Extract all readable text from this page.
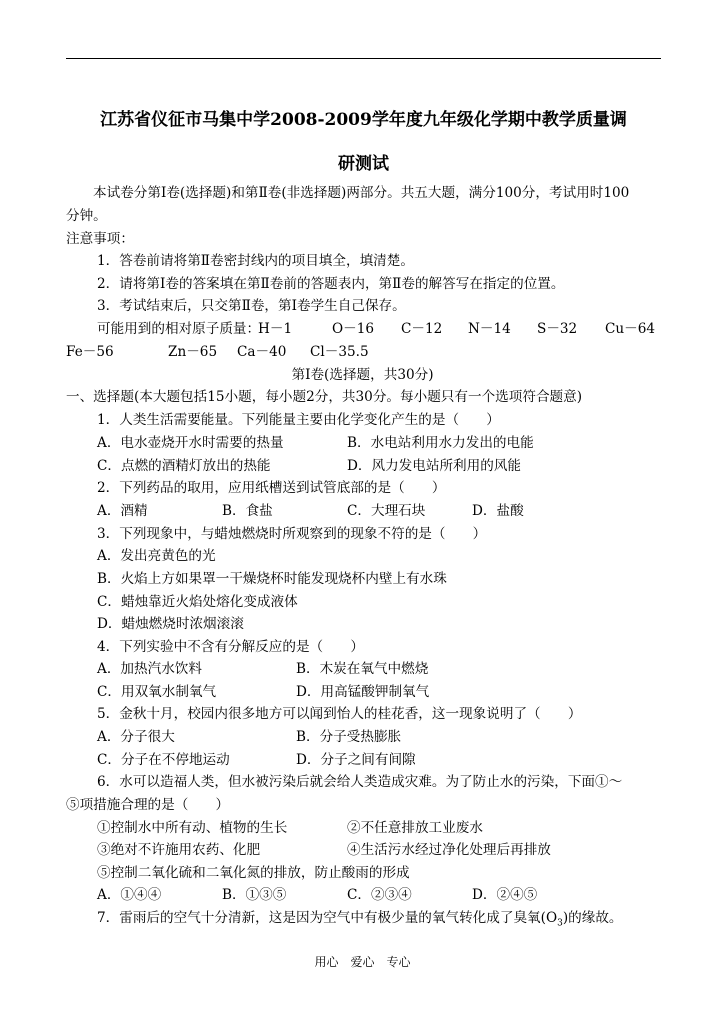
江苏省仪征市马集中学2008-2009学年度九年级化学期中教学质量调
研测试
本试卷分第Ⅰ卷(选择题)和第Ⅱ卷(非选择题)两部分。共五大题，满分100分，考试用时100
分钟。
注意事项：
1．答卷前请将第Ⅱ卷密封线内的项目填全，填清楚。
2．请将第Ⅰ卷的答案填在第Ⅱ卷前的答题表内，第Ⅱ卷的解答写在指定的位置。
3．考试结束后，只交第Ⅱ卷，第Ⅰ卷学生自己保存。
可能用到的相对原子质量：
H－1	O－16 C－12 N－14 S－32 Cu－64
Fe－56	Zn－65 Ca－40 Cl－35.5
第Ⅰ卷(选择题，共30分)
一、选择题(本大题包括15小题，每小题2分，共30分。每小题只有一个选项符合题意)
1．人类生活需要能量。下列能量主要由化学变化产生的是（　　）
A．电水壶烧开水时需要的热量	B．水电站利用水力发出的电能
C．点燃的酒精灯放出的热能	D．风力发电站所利用的风能
2．下列药品的取用，应用纸槽送到试管底部的是（　　）
A．酒精	B．食盐	C．大理石块	D．盐酸
3．下列现象中，与蜡烛燃烧时所观察到的现象不符的是（　　）
A．发出亮黄色的光
B．火焰上方如果罩一干燥烧杯时能发现烧杯内壁上有水珠
C．蜡烛靠近火焰处熔化变成液体
D．蜡烛燃烧时浓烟滚滚
4．下列实验中不含有分解反应的是（　　）
A．加热汽水饮料	B．木炭在氧气中燃烧
C．用双氧水制氧气	D．用高锰酸钾制氧气
5．金秋十月，校园内很多地方可以闻到怡人的桂花香，这一现象说明了（　　）
A．分子很大	B．分子受热膨胀
C．分子在不停地运动	D．分子之间有间隙
6．水可以造福人类，但水被污染后就会给人类造成灾难。为了防止水的污染，下面①～
⑤项措施合理的是（　　）
①控制水中所有动、植物的生长	②不任意排放工业废水
③绝对不许施用农药、化肥	④生活污水经过净化处理后再排放
⑤控制二氧化硫和二氧化氮的排放，防止酸雨的形成
A．①④④	B．①③⑤	C．②③④	D．②④⑤
7．雷雨后的空气十分清新，这是因为空气中有极少量的氧气转化成了臭氧$(O_3)$的缘故。
用心　爱心　专心
